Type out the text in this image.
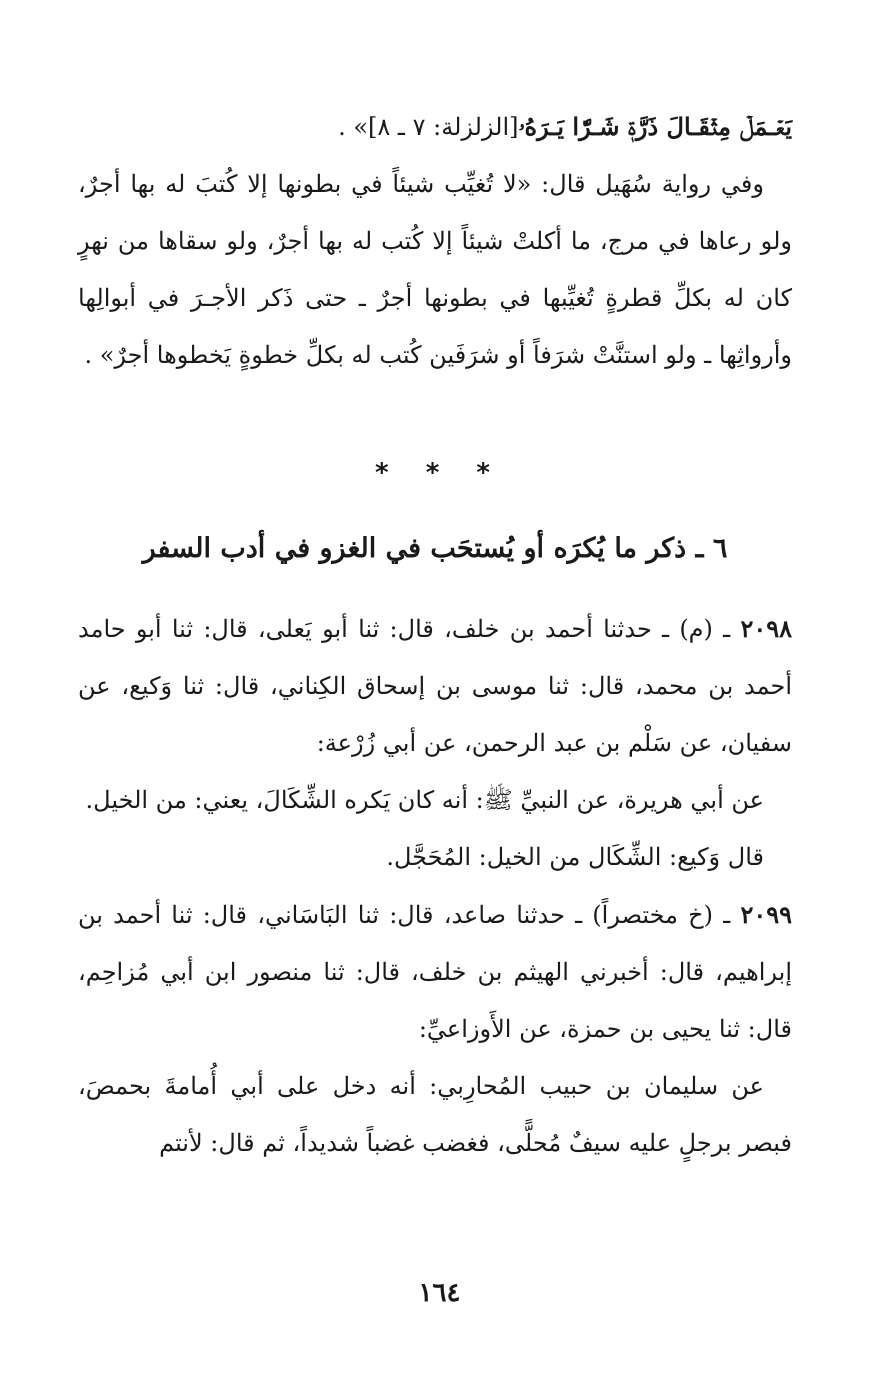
يَعۡـمَلۡ مِثۡقَـالَ ذَرَّةٖ شَـرّٗا يَـرَهُۥ[الزلزلة: ٧ ـ ٨]» .

وفي رواية سُهَيل قال: «لا تُغيِّب شيئاً في بطونها إلا كُتبَ له بها أجرٌ، ولو رعاها في مرج، ما أكلتْ شيئاً إلا كُتب له بها أجرٌ، ولو سقاها من نهرٍ كان له بكلِّ قطرةٍ تُغيِّبها في بطونها أجرٌ ـ حتى ذَكر الأجـرَ في أبوالِها وأرواثِها ـ ولو استنَّتْ شرَفاً أو شرَفَين كُتب له بكلِّ خطوةٍ يَخطوها أجرٌ» .

* * *
٦ ـ ذكر ما يُكرَه أو يُستحَب في الغزو في أدب السفر

٢٠٩٨ ـ (م) ـ حدثنا أحمد بن خلف، قال: ثنا أبو يَعلى، قال: ثنا أبو حامد أحمد بن محمد، قال: ثنا موسى بن إسحاق الكِناني، قال: ثنا وَكيع، عن سفيان، عن سَلْم بن عبد الرحمن، عن أبي زُرْعة:

عن أبي هريرة، عن النبيِّ ﷺ: أنه كان يَكره الشِّكَالَ، يعني: من الخيل.

قال وَكيع: الشِّكَال من الخيل: المُحَجَّل.

٢٠٩٩ ـ (خ مختصراً) ـ حدثنا صاعد، قال: ثنا البَاسَاني، قال: ثنا أحمد بن إبراهيم، قال: أخبرني الهيثم بن خلف، قال: ثنا منصور ابن أبي مُزاحِم، قال: ثنا يحيى بن حمزة، عن الأَوزاعيِّ:

عن سليمان بن حبيب المُحارِبي: أنه دخل على أبي أُمامةَ بحمصَ، فبصر برجلٍ عليه سيفٌ مُحلًّى، فغضب غضباً شديداً، ثم قال: لأنتم

١٦٤
